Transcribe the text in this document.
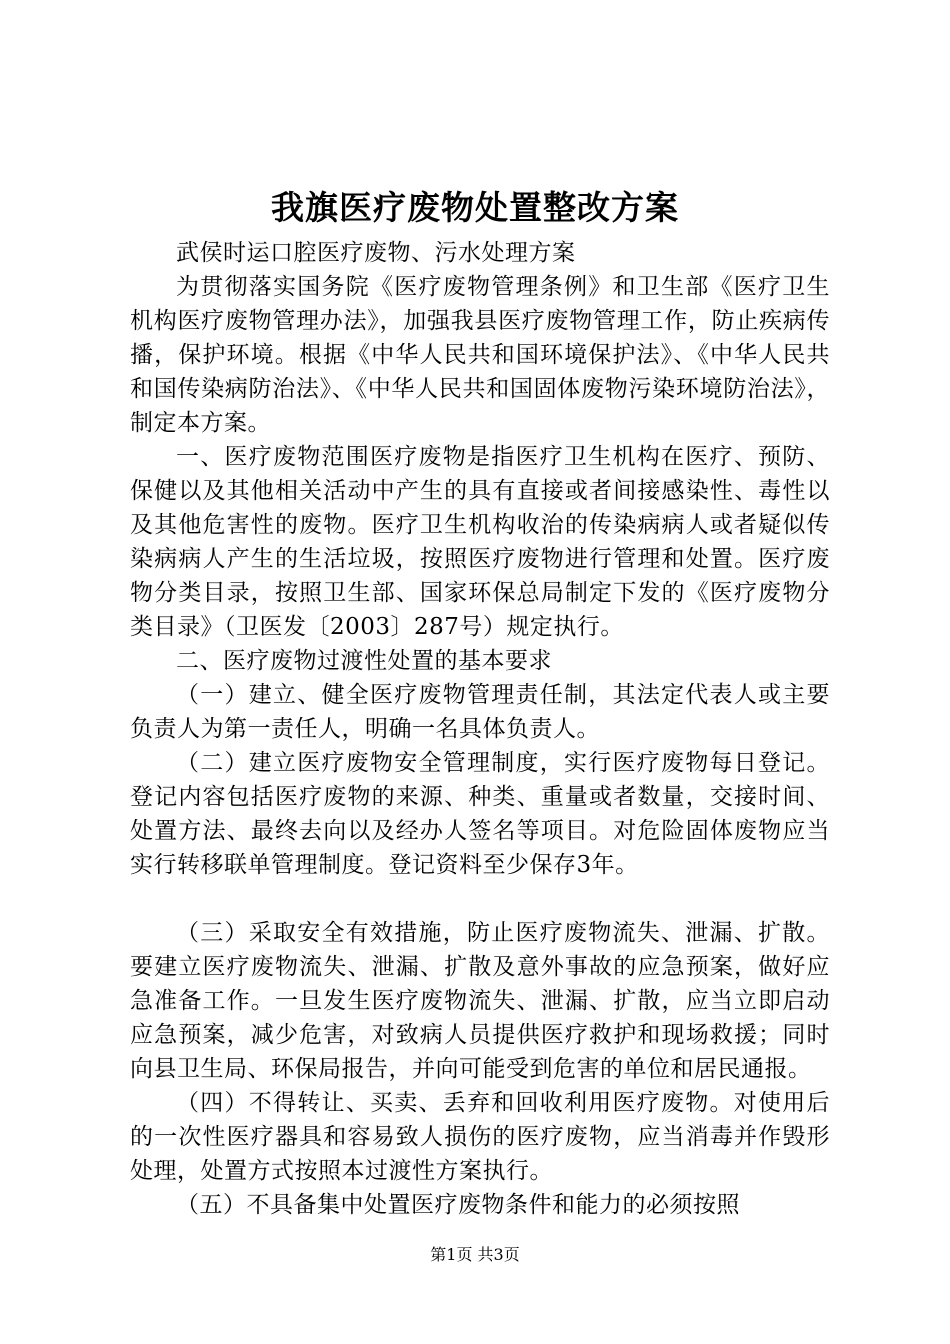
我旗医疗废物处置整改方案

武侯时运口腔医疗废物、污水处理方案

为贯彻落实国务院《医疗废物管理条例》和卫生部《医疗卫生机构医疗废物管理办法》，加强我县医疗废物管理工作，防止疾病传播，保护环境。根据《中华人民共和国环境保护法》、《中华人民共和国传染病防治法》、《中华人民共和国固体废物污染环境防治法》，制定本方案。

一、医疗废物范围医疗废物是指医疗卫生机构在医疗、预防、保健以及其他相关活动中产生的具有直接或者间接感染性、毒性以及其他危害性的废物。医疗卫生机构收治的传染病病人或者疑似传染病病人产生的生活垃圾，按照医疗废物进行管理和处置。医疗废物分类目录，按照卫生部、国家环保总局制定下发的《医疗废物分类目录》（卫医发〔2003〕287号）规定执行。

二、医疗废物过渡性处置的基本要求

（一）建立、健全医疗废物管理责任制，其法定代表人或主要负责人为第一责任人，明确一名具体负责人。

（二）建立医疗废物安全管理制度，实行医疗废物每日登记。登记内容包括医疗废物的来源、种类、重量或者数量，交接时间、处置方法、最终去向以及经办人签名等项目。对危险固体废物应当实行转移联单管理制度。登记资料至少保存3年。

（三）采取安全有效措施，防止医疗废物流失、泄漏、扩散。要建立医疗废物流失、泄漏、扩散及意外事故的应急预案，做好应急准备工作。一旦发生医疗废物流失、泄漏、扩散，应当立即启动应急预案，减少危害，对致病人员提供医疗救护和现场救援；同时向县卫生局、环保局报告，并向可能受到危害的单位和居民通报。

（四）不得转让、买卖、丢弃和回收利用医疗废物。对使用后的一次性医疗器具和容易致人损伤的医疗废物，应当消毒并作毁形处理，处置方式按照本过渡性方案执行。

（五）不具备集中处置医疗废物条件和能力的必须按照

第1页 共3页
